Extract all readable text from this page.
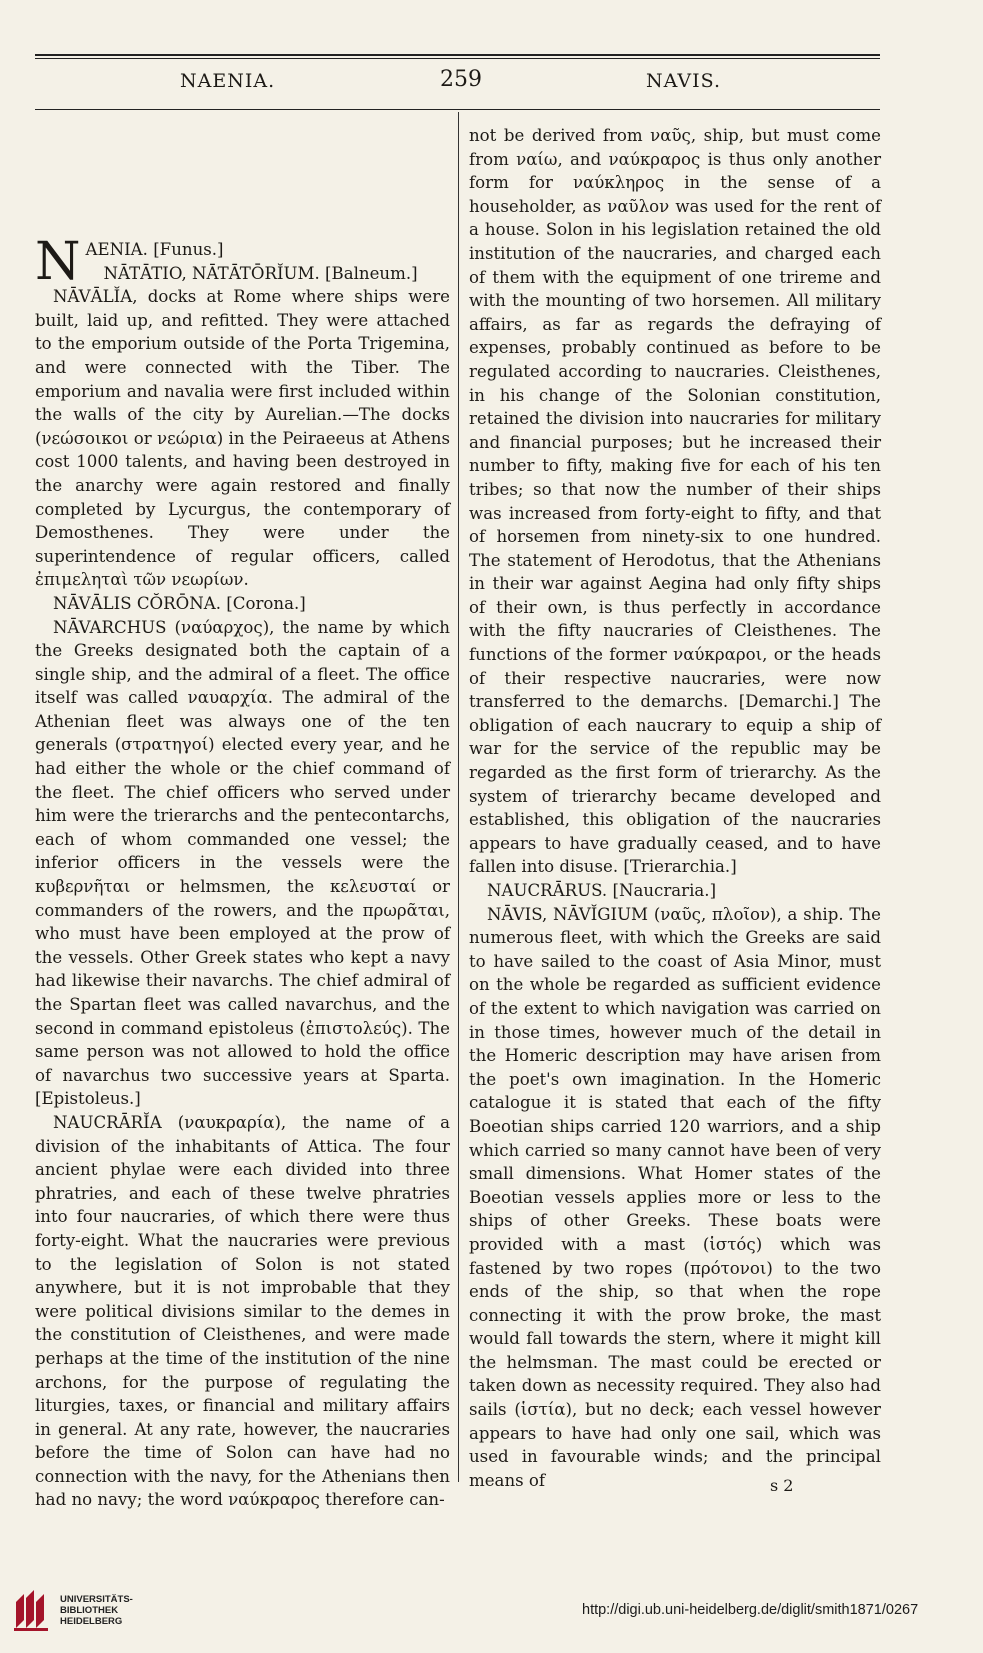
NAENIA.	259	NAVIS.

NAENIA. [Funus.]

NĀTĀTIO, NĀTĀTŌRĬUM. [Balneum.]

NĀVĀLĬA, docks at Rome where ships were built, laid up, and refitted. They were attached to the emporium outside of the Porta Trigemina, and were connected with the Tiber. The emporium and navalia were first included within the walls of the city by Aurelian.—The docks (νεώσοικοι or νεώρια) in the Peiraeeus at Athens cost 1000 talents, and having been destroyed in the anarchy were again restored and finally completed by Lycurgus, the contemporary of Demosthenes. They were under the superintendence of regular officers, called ἐπιμεληταὶ τῶν νεωρίων.

NĀVĀLIS CŎRŌNA. [Corona.]

NĀVARCHUS (ναύαρχος), the name by which the Greeks designated both the captain of a single ship, and the admiral of a fleet. The office itself was called ναυαρχία. The admiral of the Athenian fleet was always one of the ten generals (στρατηγοί) elected every year, and he had either the whole or the chief command of the fleet. The chief officers who served under him were the trierarchs and the pentecontarchs, each of whom commanded one vessel; the inferior officers in the vessels were the κυβερνῆται or helmsmen, the κελευσταί or commanders of the rowers, and the πρωρᾶται, who must have been employed at the prow of the vessels. Other Greek states who kept a navy had likewise their navarchs. The chief admiral of the Spartan fleet was called navarchus, and the second in command epistoleus (ἐπιστολεύς). The same person was not allowed to hold the office of navarchus two successive years at Sparta. [Epistoleus.]

NAUCRĀRĬA (ναυκραρία), the name of a division of the inhabitants of Attica. The four ancient phylae were each divided into three phratries, and each of these twelve phratries into four naucraries, of which there were thus forty-eight. What the naucraries were previous to the legislation of Solon is not stated anywhere, but it is not improbable that they were political divisions similar to the demes in the constitution of Cleisthenes, and were made perhaps at the time of the institution of the nine archons, for the purpose of regulating the liturgies, taxes, or financial and military affairs in general. At any rate, however, the naucraries before the time of Solon can have had no connection with the navy, for the Athenians then had no navy; the word ναύκραρος therefore can-

not be derived from ναῦς, ship, but must come from ναίω, and ναύκραρος is thus only another form for ναύκληρος in the sense of a householder, as ναῦλον was used for the rent of a house. Solon in his legislation retained the old institution of the naucraries, and charged each of them with the equipment of one trireme and with the mounting of two horsemen. All military affairs, as far as regards the defraying of expenses, probably continued as before to be regulated according to naucraries. Cleisthenes, in his change of the Solonian constitution, retained the division into naucraries for military and financial purposes; but he increased their number to fifty, making five for each of his ten tribes; so that now the number of their ships was increased from forty-eight to fifty, and that of horsemen from ninety-six to one hundred. The statement of Herodotus, that the Athenians in their war against Aegina had only fifty ships of their own, is thus perfectly in accordance with the fifty naucraries of Cleisthenes. The functions of the former ναύκραροι, or the heads of their respective naucraries, were now transferred to the demarchs. [Demarchi.] The obligation of each naucrary to equip a ship of war for the service of the republic may be regarded as the first form of trierarchy. As the system of trierarchy became developed and established, this obligation of the naucraries appears to have gradually ceased, and to have fallen into disuse. [Trierarchia.]

NAUCRĀRUS. [Naucraria.]

NĀVIS, NĀVĬGIUM (ναῦς, πλοῖον), a ship. The numerous fleet, with which the Greeks are said to have sailed to the coast of Asia Minor, must on the whole be regarded as sufficient evidence of the extent to which navigation was carried on in those times, however much of the detail in the Homeric description may have arisen from the poet's own imagination. In the Homeric catalogue it is stated that each of the fifty Boeotian ships carried 120 warriors, and a ship which carried so many cannot have been of very small dimensions. What Homer states of the Boeotian vessels applies more or less to the ships of other Greeks. These boats were provided with a mast (ἱστός) which was fastened by two ropes (πρότονοι) to the two ends of the ship, so that when the rope connecting it with the prow broke, the mast would fall towards the stern, where it might kill the helmsman. The mast could be erected or taken down as necessity required. They also had sails (ἱστία), but no deck; each vessel however appears to have had only one sail, which was used in favourable winds; and the principal means of	s 2
UNIVERSITÄTS-
BIBLIOTHEK
HEIDELBERG
http://digi.ub.uni-heidelberg.de/diglit/smith1871/0267
